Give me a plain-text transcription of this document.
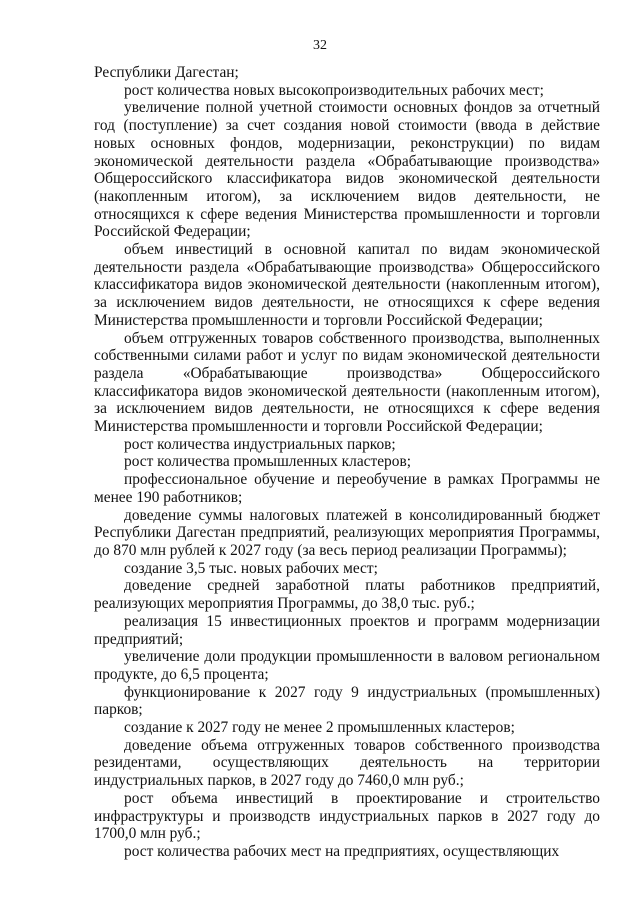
32

Республики Дагестан;

рост количества новых высокопроизводительных рабочих мест;

увеличение полной учетной стоимости основных фондов за отчетный год (поступление) за счет создания новой стоимости (ввода в действие новых основных фондов, модернизации, реконструкции) по видам экономической деятельности раздела «Обрабатывающие производства» Общероссийского классификатора видов экономической деятельности (накопленным итогом), за исключением видов деятельности, не относящихся к сфере ведения Министерства промышленности и торговли Российской Федерации;

объем инвестиций в основной капитал по видам экономической деятельности раздела «Обрабатывающие производства» Общероссийского классификатора видов экономической деятельности (накопленным итогом), за исключением видов деятельности, не относящихся к сфере ведения Министерства промышленности и торговли Российской Федерации;

объем отгруженных товаров собственного производства, выполненных собственными силами работ и услуг по видам экономической деятельности раздела «Обрабатывающие производства» Общероссийского классификатора видов экономической деятельности (накопленным итогом), за исключением видов деятельности, не относящихся к сфере ведения Министерства промышленности и торговли Российской Федерации;

рост количества индустриальных парков;

рост количества промышленных кластеров;

профессиональное обучение и переобучение в рамках Программы не менее 190 работников;

доведение суммы налоговых платежей в консолидированный бюджет Республики Дагестан предприятий, реализующих мероприятия Программы, до 870 млн рублей к 2027 году (за весь период реализации Программы);

создание 3,5 тыс. новых рабочих мест;

доведение средней заработной платы работников предприятий, реализующих мероприятия Программы, до 38,0 тыс. руб.;

реализация 15 инвестиционных проектов и программ модернизации предприятий;

увеличение доли продукции промышленности в валовом региональном продукте, до 6,5 процента;

функционирование к 2027 году 9 индустриальных (промышленных) парков;

создание к 2027 году не менее 2 промышленных кластеров;

доведение объема отгруженных товаров собственного производства резидентами, осуществляющих деятельность на территории индустриальных парков, в 2027 году до 7460,0 млн руб.;

рост объема инвестиций в проектирование и строительство инфраструктуры и производств индустриальных парков в 2027 году до 1700,0 млн руб.;

рост количества рабочих мест на предприятиях, осуществляющих
